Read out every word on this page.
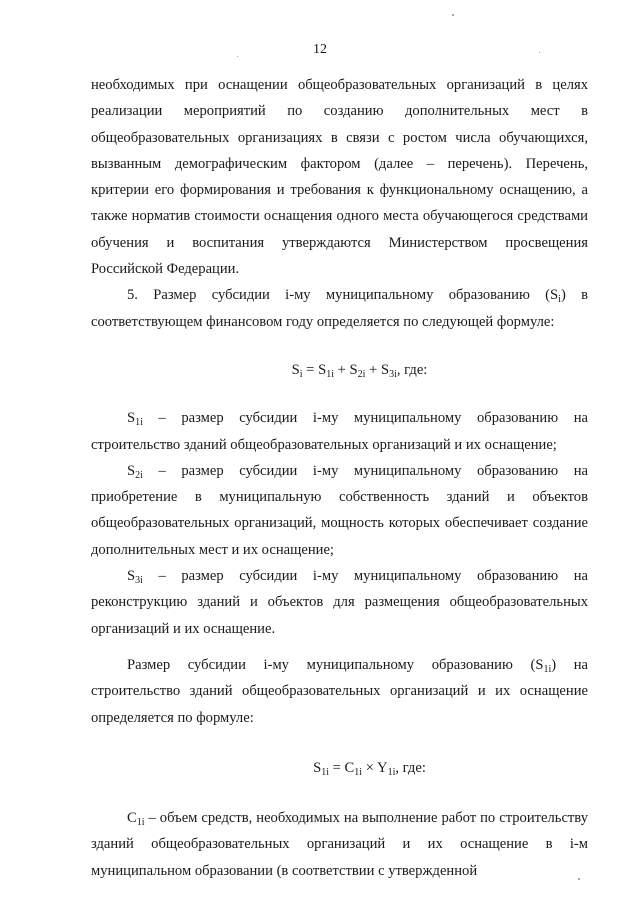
12

необходимых при оснащении общеобразовательных организаций в целях реализации мероприятий по созданию дополнительных мест в общеобразовательных организациях в связи с ростом числа обучающихся, вызванным демографическим фактором (далее – перечень). Перечень, критерии его формирования и требования к функциональному оснащению, а также норматив стоимости оснащения одного места обучающегося средствами обучения и воспитания утверждаются Министерством просвещения Российской Федерации.

5. Размер субсидии i-му муниципальному образованию $(S_i)$ в соответствующем финансовом году определяется по следующей формуле:

$S_i = S_{1i} + S_{2i} + S_{3i}$, где:

$S_{1i}$ – размер субсидии i-му муниципальному образованию на строительство зданий общеобразовательных организаций и их оснащение;

$S_{2i}$ – размер субсидии i-му муниципальному образованию на приобретение в муниципальную собственность зданий и объектов общеобразовательных организаций, мощность которых обеспечивает создание дополнительных мест и их оснащение;

$S_{3i}$ – размер субсидии i-му муниципальному образованию на реконструкцию зданий и объектов для размещения общеобразовательных организаций и их оснащение.

Размер субсидии i-му муниципальному образованию $(S_{1i})$ на строительство зданий общеобразовательных организаций и их оснащение определяется по формуле:

$S_{1i} = C_{1i} \times Y_{1i}$, где:

$C_{1i}$ – объем средств, необходимых на выполнение работ по строительству зданий общеобразовательных организаций и их оснащение в i-м муниципальном образовании (в соответствии с утвержденной
